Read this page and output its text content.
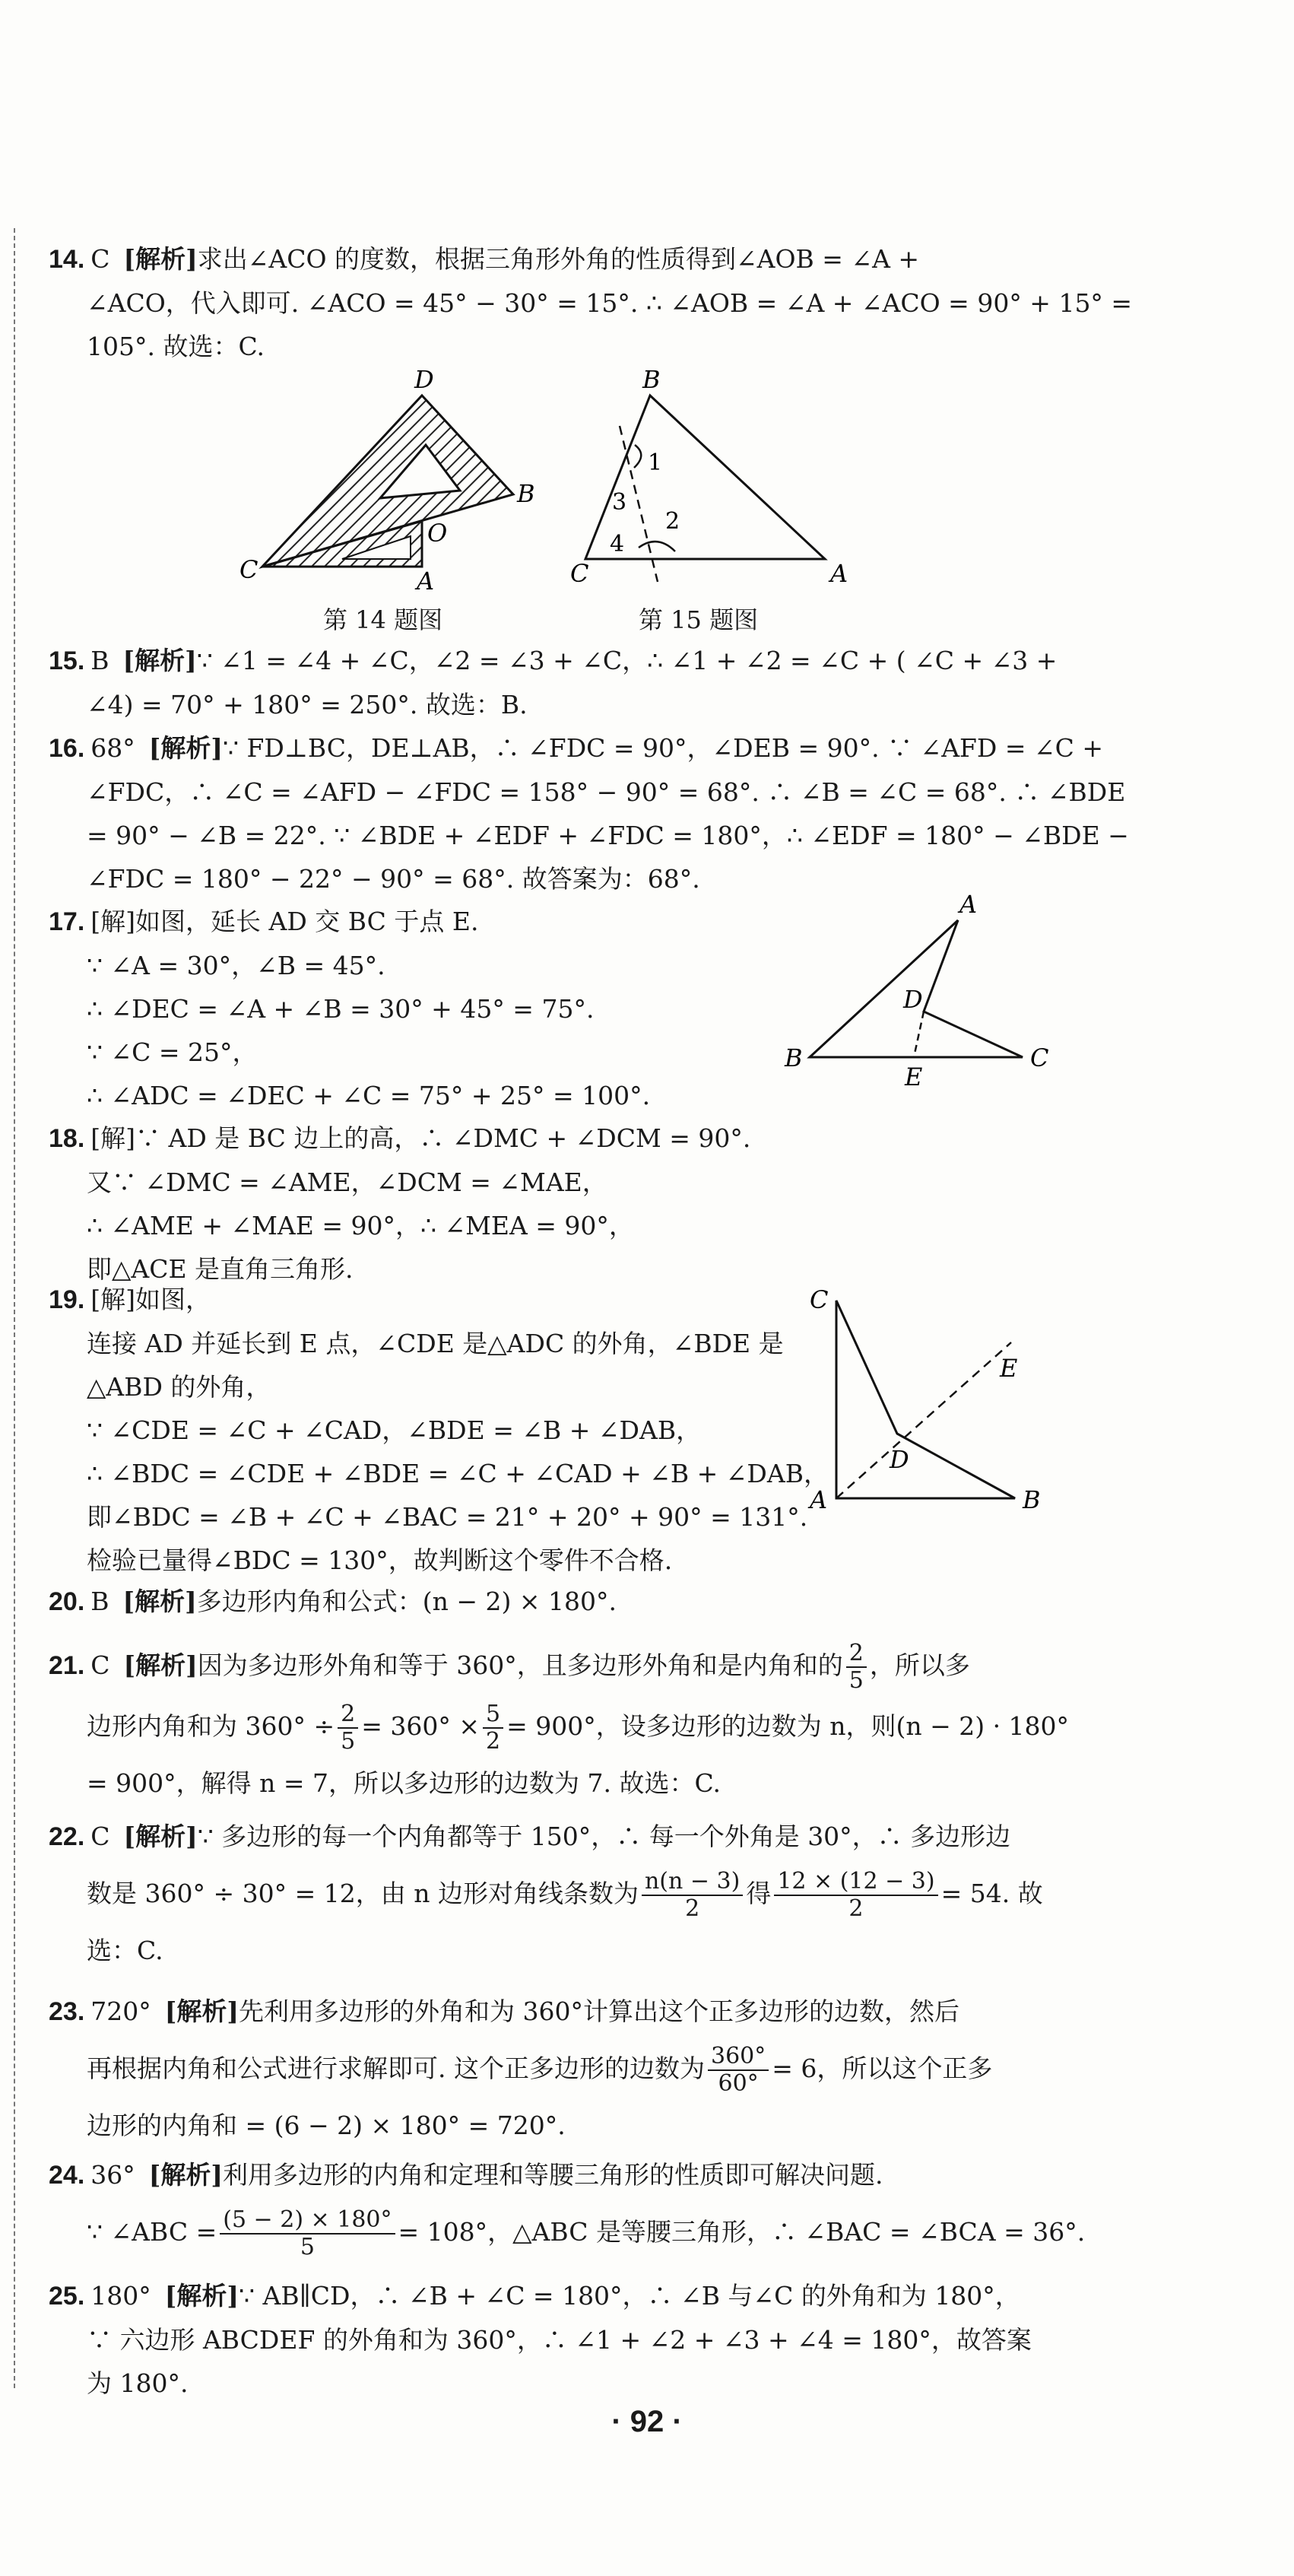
14. C [解析]求出∠ACO 的度数，根据三角形外角的性质得到∠AOB = ∠A +

∠ACO，代入即可. ∠ACO = 45° − 30° = 15°. ∴ ∠AOB = ∠A + ∠ACO = 90° + 15° =

105°. 故选：C.

D
B
C
O
A
第 14 题图
B
C	A
1
2
3
4
第 15 题图

15. B [解析]∵ ∠1 = ∠4 + ∠C，∠2 = ∠3 + ∠C，∴ ∠1 + ∠2 = ∠C + ( ∠C + ∠3 +

∠4) = 70° + 180° = 250°. 故选：B.

16. 68° [解析]∵ FD⊥BC，DE⊥AB，∴ ∠FDC = 90°，∠DEB = 90°. ∵ ∠AFD = ∠C +

∠FDC，∴ ∠C = ∠AFD − ∠FDC = 158° − 90° = 68°. ∴ ∠B = ∠C = 68°. ∴ ∠BDE

= 90° − ∠B = 22°. ∵ ∠BDE + ∠EDF + ∠FDC = 180°，∴ ∠EDF = 180° − ∠BDE −

∠FDC = 180° − 22° − 90° = 68°. 故答案为：68°.

17. [解]如图，延长 AD 交 BC 于点 E.

∵ ∠A = 30°，∠B = 45°.

∴ ∠DEC = ∠A + ∠B = 30° + 45° = 75°.

∵ ∠C = 25°，

∴ ∠ADC = ∠DEC + ∠C = 75° + 25° = 100°.

A
B	C
D
E

18. [解]∵ AD 是 BC 边上的高，∴ ∠DMC + ∠DCM = 90°.

又∵ ∠DMC = ∠AME，∠DCM = ∠MAE，

∴ ∠AME + ∠MAE = 90°，∴ ∠MEA = 90°，

即△ACE 是直角三角形.

19. [解]如图，

连接 AD 并延长到 E 点，∠CDE 是△ADC 的外角，∠BDE 是

△ABD 的外角，

∵ ∠CDE = ∠C + ∠CAD，∠BDE = ∠B + ∠DAB，

∴ ∠BDC = ∠CDE + ∠BDE = ∠C + ∠CAD + ∠B + ∠DAB，

即∠BDC = ∠B + ∠C + ∠BAC = 21° + 20° + 90° = 131°.

检验已量得∠BDC = 130°，故判断这个零件不合格.

C
E
D
A	B

20. B [解析]多边形内角和公式：(n − 2) × 180°.

21. C [解析]因为多边形外角和等于 360°，且多边形外角和是内角和的 $\frac{2}{5}$ ，所以多

边形内角和为 $360^\circ \div \frac{2}{5} = 360^\circ \times \frac{5}{2} = 900^\circ$，设多边形的边数为 n，则(n − 2) · 180°

= 900°，解得 n = 7，所以多边形的边数为 7. 故选：C.

22. C [解析]∵ 多边形的每一个内角都等于 150°，∴ 每一个外角是 30°，∴ 多边形边

数是 360° ÷ 30° = 12，由 n 边形对角线条数为 $\frac{n(n - 3)}{2}$ 得 $\frac{12 \times (12 - 3)}{2} = 54$. 故

选：C.

23. 720° [解析]先利用多边形的外角和为 360°计算出这个正多边形的边数，然后

再根据内角和公式进行求解即可. 这个正多边形的边数为 $\frac{360^\circ}{60^\circ} = 6$，所以这个正多

边形的内角和 = (6 − 2) × 180° = 720°.

24. 36° [解析]利用多边形的内角和定理和等腰三角形的性质即可解决问题.

∵ ∠ABC = $\frac{(5 - 2) \times 180^\circ}{5} = 108^\circ$，△ABC 是等腰三角形，∴ ∠BAC = ∠BCA = 36°.

25. 180° [解析]∵ AB∥CD，∴ ∠B + ∠C = 180°，∴ ∠B 与∠C 的外角和为 180°，

∵ 六边形 ABCDEF 的外角和为 360°，∴ ∠1 + ∠2 + ∠3 + ∠4 = 180°，故答案

为 180°.

· 92 ·
